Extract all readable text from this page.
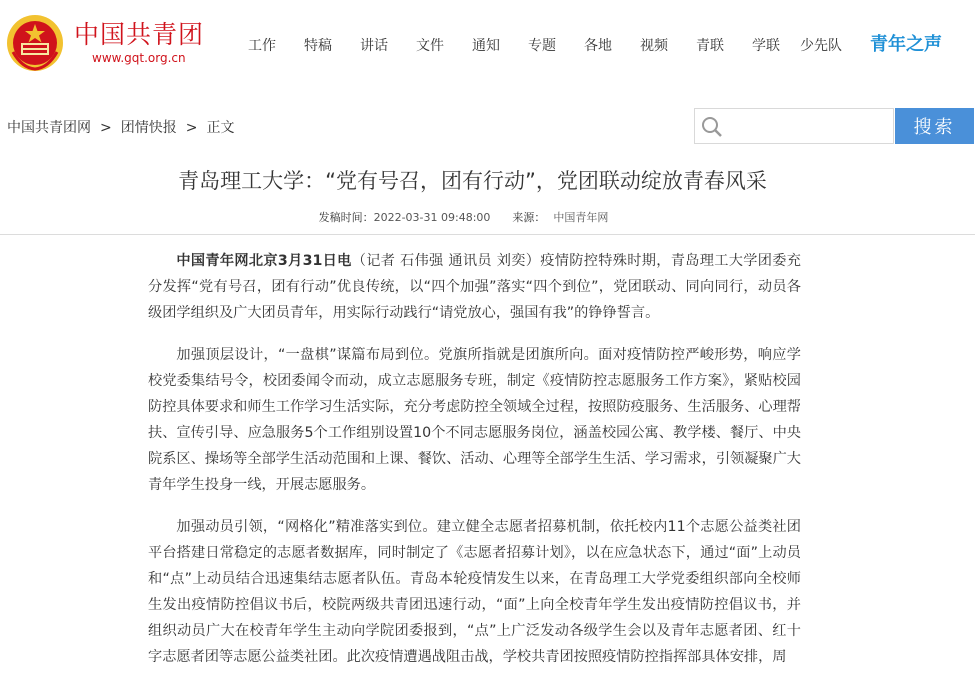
中国共青团
www.gqt.org.cn
工作 特稿 讲话 文件 通知 专题 各地 视频 青联 学联 少先队 青年之声
中国共青团网 > 团情快报 > 正文	搜索
青岛理工大学：“党有号召，团有行动”，党团联动绽放青春风采
发稿时间：2022-03-31 09:48:00 来源： 中国青年网

中国青年网北京3月31日电（记者 石伟强 通讯员 刘奕）疫情防控特殊时期，青岛理工大学团委充分发挥“党有号召，团有行动”优良传统，以“四个加强”落实“四个到位”，党团联动、同向同行，动员各级团学组织及广大团员青年，用实际行动践行“请党放心，强国有我”的铮铮誓言。

加强顶层设计，“一盘棋”谋篇布局到位。党旗所指就是团旗所向。面对疫情防控严峻形势，响应学校党委集结号令，校团委闻令而动，成立志愿服务专班，制定《疫情防控志愿服务工作方案》，紧贴校园防控具体要求和师生工作学习生活实际，充分考虑防控全领域全过程，按照防疫服务、生活服务、心理帮扶、宣传引导、应急服务5个工作组别设置10个不同志愿服务岗位，涵盖校园公寓、教学楼、餐厅、中央院系区、操场等全部学生活动范围和上课、餐饮、活动、心理等全部学生生活、学习需求，引领凝聚广大青年学生投身一线，开展志愿服务。

加强动员引领，“网格化”精准落实到位。建立健全志愿者招募机制，依托校内11个志愿公益类社团平台搭建日常稳定的志愿者数据库，同时制定了《志愿者招募计划》，以在应急状态下，通过“面”上动员和“点”上动员结合迅速集结志愿者队伍。青岛本轮疫情发生以来，在青岛理工大学党委组织部向全校师生发出疫情防控倡议书后，校院两级共青团迅速行动，“面”上向全校青年学生发出疫情防控倡议书，并组织动员广大在校青年学生主动向学院团委报到，“点”上广泛发动各级学生会以及青年志愿者团、红十字志愿者团等志愿公益类社团。此次疫情遭遇战阻击战，学校共青团按照疫情防控指挥部具体安排，周
